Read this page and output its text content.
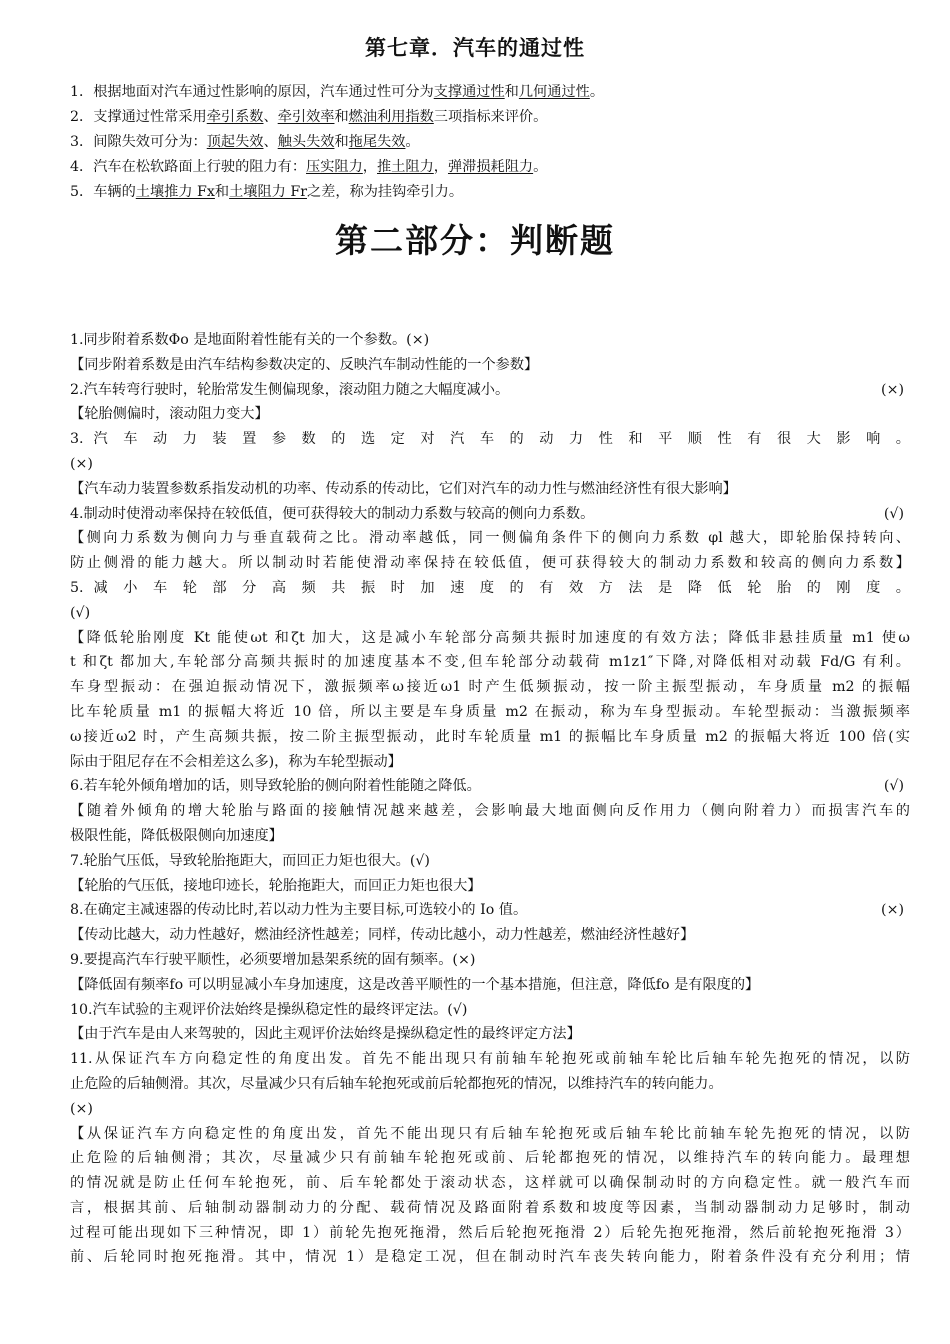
第七章．汽车的通过性
1．根据地面对汽车通过性影响的原因，汽车通过性可分为支撑通过性和几何通过性。
2．支撑通过性常采用牵引系数、牵引效率和燃油利用指数三项指标来评价。
3．间隙失效可分为：顶起失效、触头失效和拖尾失效。
4．汽车在松软路面上行驶的阻力有：压实阻力，推土阻力，弹滞损耗阻力。
5．车辆的土壤推力 Fx和土壤阻力 Fr之差，称为挂钩牵引力。
第二部分：判断题
1.同步附着系数Φo 是地面附着性能有关的一个参数。(×)
【同步附着系数是由汽车结构参数决定的、反映汽车制动性能的一个参数】
2.汽车转弯行驶时，轮胎常发生侧偏现象，滚动阻力随之大幅度减小。	(×)
【轮胎侧偏时，滚动阻力变大】
3. 汽 车 动 力 装 置 参 数 的 选 定 对 汽 车 的 动 力 性 和 平 顺 性 有 很 大 影 响 。
(×)
【汽车动力装置参数系指发动机的功率、传动系的传动比，它们对汽车的动力性与燃油经济性有很大影响】
4.制动时使滑动率保持在较低值，便可获得较大的制动力系数与较高的侧向力系数。	(√)
【侧向力系数为侧向力与垂直载荷之比。滑动率越低，同一侧偏角条件下的侧向力系数 φl 越大，即轮胎保持转向、
防止侧滑的能力越大。所以制动时若能使滑动率保持在较低值，便可获得较大的制动力系数和较高的侧向力系数】
5. 减 小 车 轮 部 分 高 频 共 振 时 加 速 度 的 有 效 方 法 是 降 低 轮 胎 的 刚 度 。
(√)
【降低轮胎刚度 Kt 能使ωt 和ζt 加大，这是减小车轮部分高频共振时加速度的有效方法；降低非悬挂质量 m1 使ω
t 和ζt 都加大,车轮部分高频共振时的加速度基本不变,但车轮部分动载荷 m1z1″下降,对降低相对动载 Fd/G 有利。
车身型振动：在强迫振动情况下，激振频率ω接近ω1 时产生低频振动，按一阶主振型振动，车身质量 m2 的振幅
比车轮质量 m1 的振幅大将近 10 倍，所以主要是车身质量 m2 在振动，称为车身型振动。车轮型振动：当激振频率
ω接近ω2 时，产生高频共振，按二阶主振型振动，此时车轮质量 m1 的振幅比车身质量 m2 的振幅大将近 100 倍(实
际由于阻尼存在不会相差这么多)，称为车轮型振动】
6.若车轮外倾角增加的话，则导致轮胎的侧向附着性能随之降低。	(√)
【随着外倾角的增大轮胎与路面的接触情况越来越差，会影响最大地面侧向反作用力（侧向附着力）而损害汽车的
极限性能，降低极限侧向加速度】
7.轮胎气压低，导致轮胎拖距大，而回正力矩也很大。(√)
【轮胎的气压低，接地印迹长，轮胎拖距大，而回正力矩也很大】
8.在确定主减速器的传动比时,若以动力性为主要目标,可选较小的 Io 值。	(×)
【传动比越大，动力性越好，燃油经济性越差；同样，传动比越小，动力性越差，燃油经济性越好】
9.要提高汽车行驶平顺性，必须要增加悬架系统的固有频率。(×)
【降低固有频率fo 可以明显减小车身加速度，这是改善平顺性的一个基本措施，但注意，降低fo 是有限度的】
10.汽车试验的主观评价法始终是操纵稳定性的最终评定法。(√)
【由于汽车是由人来驾驶的，因此主观评价法始终是操纵稳定性的最终评定方法】
11.从保证汽车方向稳定性的角度出发。首先不能出现只有前轴车轮抱死或前轴车轮比后轴车轮先抱死的情况，以防
止危险的后轴侧滑。其次，尽量减少只有后轴车轮抱死或前后轮都抱死的情况，以维持汽车的转向能力。
(×)
【从保证汽车方向稳定性的角度出发，首先不能出现只有后轴车轮抱死或后轴车轮比前轴车轮先抱死的情况，以防
止危险的后轴侧滑；其次，尽量减少只有前轴车轮抱死或前、后轮都抱死的情况，以维持汽车的转向能力。最理想
的情况就是防止任何车轮抱死，前、后车轮都处于滚动状态，这样就可以确保制动时的方向稳定性。就一般汽车而
言，根据其前、后轴制动器制动力的分配、载荷情况及路面附着系数和坡度等因素，当制动器制动力足够时，制动
过程可能出现如下三种情况，即 1）前轮先抱死拖滑，然后后轮抱死拖滑 2）后轮先抱死拖滑，然后前轮抱死拖滑 3）
前、后轮同时抱死拖滑。其中，情况 1）是稳定工况，但在制动时汽车丧失转向能力，附着条件没有充分利用；情
